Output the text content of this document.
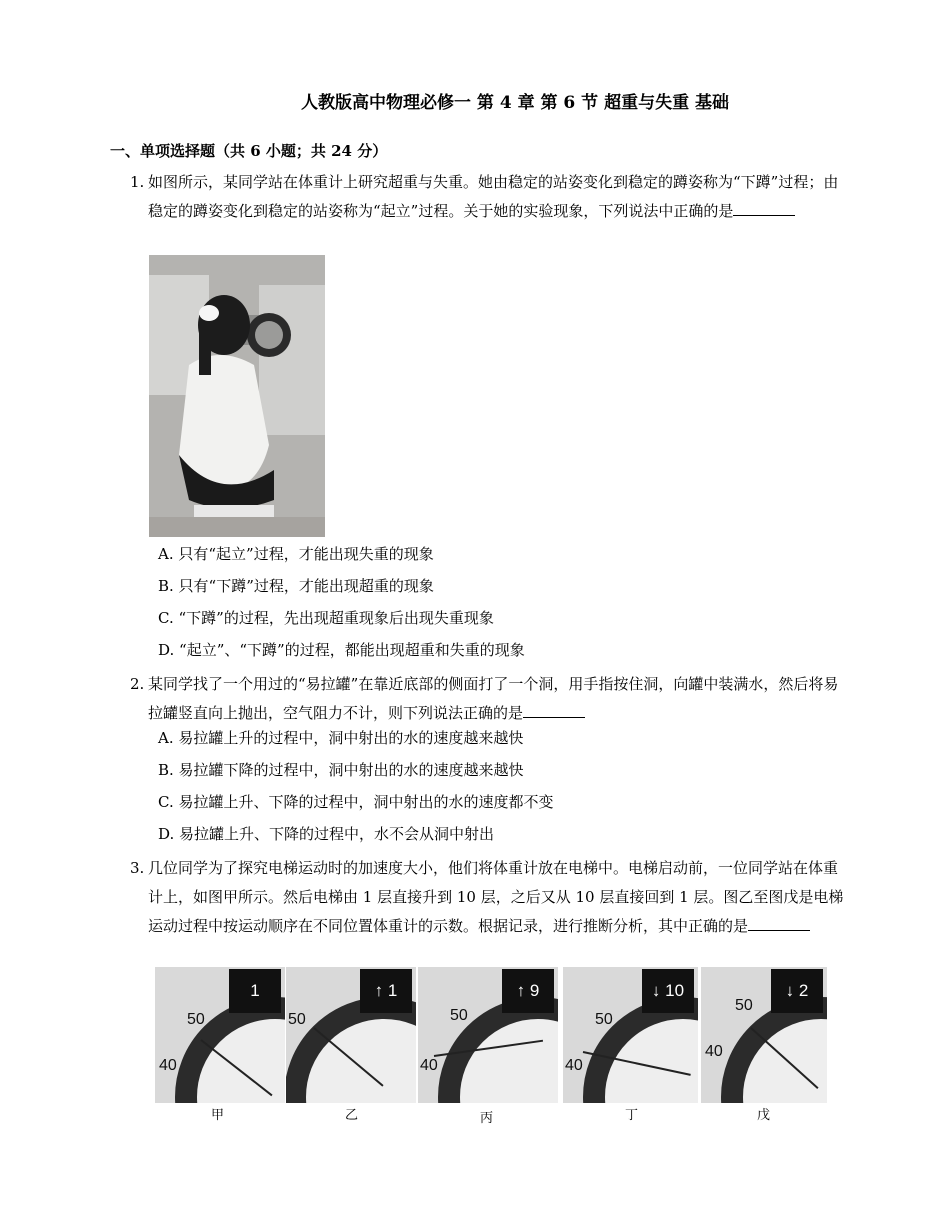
人教版高中物理必修一 第 4 章 第 6 节 超重与失重 基础
一、单项选择题（共 6 小题；共 24 分）
1. 如图所示，某同学站在体重计上研究超重与失重。她由稳定的站姿变化到稳定的蹲姿称为“下蹲”过程；由稳定的蹲姿变化到稳定的站姿称为“起立”过程。关于她的实验现象，下列说法中正确的是
A. 只有“起立”过程，才能出现失重的现象
B. 只有“下蹲”过程，才能出现超重的现象
C. “下蹲”的过程，先出现超重现象后出现失重现象
D. “起立”、“下蹲”的过程，都能出现超重和失重的现象
2. 某同学找了一个用过的“易拉罐”在靠近底部的侧面打了一个洞，用手指按住洞，向罐中装满水，然后将易拉罐竖直向上抛出，空气阻力不计，则下列说法正确的是
A. 易拉罐上升的过程中，洞中射出的水的速度越来越快
B. 易拉罐下降的过程中，洞中射出的水的速度越来越快
C. 易拉罐上升、下降的过程中，洞中射出的水的速度都不变
D. 易拉罐上升、下降的过程中，水不会从洞中射出
3. 几位同学为了探究电梯运动时的加速度大小，他们将体重计放在电梯中。电梯启动前，一位同学站在体重计上，如图甲所示。然后电梯由 1 层直接升到 10 层，之后又从 10 层直接回到 1 层。图乙至图戊是电梯运动过程中按运动顺序在不同位置体重计的示数。根据记录，进行推断分析，其中正确的是
1
50
40
↑ 1
50
↑ 9
50
40
↓ 10
50
40
↓ 2
50
40
甲	乙	丙	丁	戊
